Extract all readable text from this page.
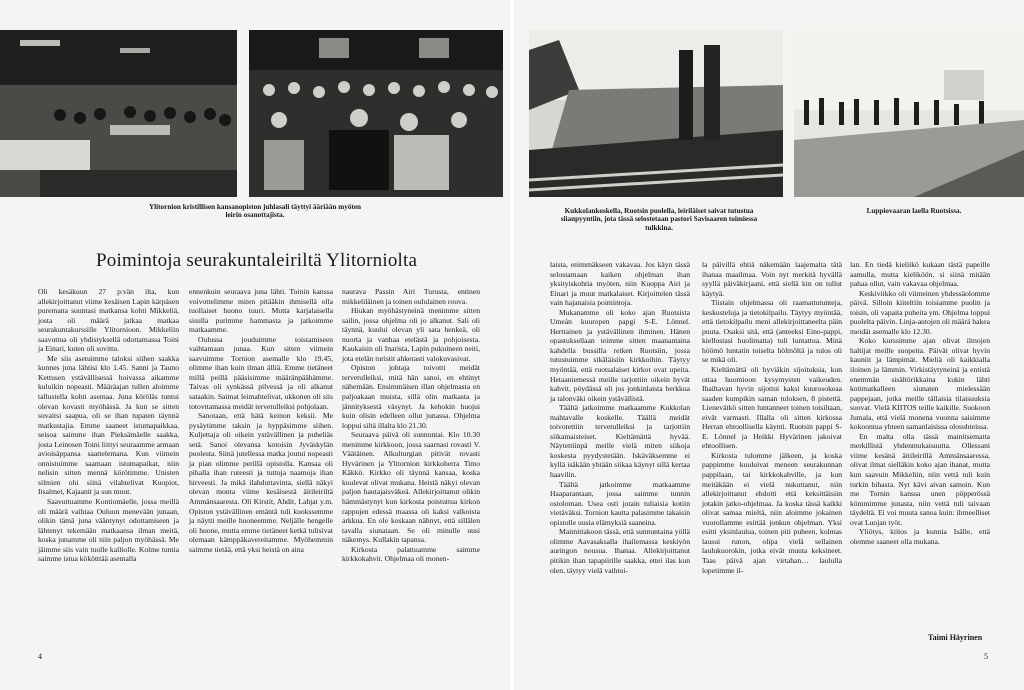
Ylitornion kristillisen kansanopiston juhlasali täyttyi ääriään myöten leirin osanottajista.
Poimintoja seurakuntaleiriltä Ylitorniolta

Oli kesäkuun 27 p:vän ilta, kun allekirjoittanut viime kesäisen Lapin kärpäsen puremana suuntasi matkansa kohti Mikkeliä, josta oli määrä jatkaa matkaa seurakuntakurssille Ylitornioon. Mikkeliin saavuttua oli yhdistyksellä odottamassa Toini ja Einari, kuten oli sovittu.

Me siis asetuimme taloksi siihen saakka kunnes juna lähtisi klo 1.45. Sanni ja Tauno Kettusen ystävällisessä hoivassa aikamme kuluikin nopeasti. Määräajan tullen aloimme tallustella kohti asemaa. Juna köröläs tuntui olevan kovasti myöhässä. Ja kun se sitten suvaitsi saapua, oli se ihan tupaten täynnä matkustajia. Emme saaneet istumapaikkaa, seisoa saimme ihan Pieksämäelle saakka, josta Leinosen Toini liittyi seuraamme armaan avioisäppansa saattelemana. Kun viimein onnistuimme saamaan istumapaikat, niin nelisin sitten mennä körötimme. Unisten silmien ohi siinä vilahtelivat Kuopiot, Iisalmet, Kajaanit ja sun muut.

Saavuttuamme Kontiomäelle, jossa meillä oli määrä vaihtaa Ouluun menevään junaan, olikin tämä juna vääntynyt odottamiseen ja lähtenyt tekemään matkaansa ilman meitä, koska junamme oli niin paljon myöhässä. Me jäimme siis vain tuolle kalliolle. Kolme tuntia saimme istua kökötttää asemalla

ennenkuin seuraava juna lähti. Toinin kanssa voivottelimme miten pitääkin ihmisellä olla tuollaiset huono tuuri. Mutta karjalaisella sisulla purimme hammasta ja jatkoimme matkaamme.

Oulussa jouduimme toistamiseen vaihtamaan junaa. Kun sitten viimein saavuimme Tornion asemalle klo 19.45, olimme ihan kuin ilman älliä. Emme tietäneet millä peillä pääsisimme määränpäähämme. Taivas oli synkässä pilvessä ja oli alkanut sataakin. Saimat leimahtelivat, ukkonen oli siis totovttamassa meidät tervetulleiksi pohjolaan.

Sanotaan, että hätä keinon keksii. Me pysäytimme taksin ja hyppäsimme siihen. Kuljettaja oli oikein ystävällinen ja puheliäs setä. Sanoi olevansa kotoisin Jyväskylän puolesta. Siinä jutellessa matka joutui nopeasti ja pian olimme perillä opistolla. Kansaa oli pihalla ihan ruteesti ja tuttuja naamoja ihan hirveesti. Ja mikä ilahduttavinta, siellä näkyi olevan monta viime kesäisestä äitileiriltä Ammänsaaresta. Oli Kirstit, Ahdit, Lahjat y.m. Opiston ystävällinen emäntä tuli kuokssemme ja näytti meille huoneemme. Neljälle hengelle oli huone, mutta emme tietäneet ketkä tulisivat olemaan kämppäkavereitamme. Myöhemmin saimme tietää, että yksi heistä on aina

naurava Passin Airi Turusta, entinen mikkeliläinen ja toinen oululainen rouva.

Hiukan myöhästyneinä menimme sitten sailin, jossa ohjelma oli jo alkanut. Sali oli täynnä, kuului olevan yli sata henkeä, oli nuorta ja vanhaa etelästä ja pohjoisesta. Kaukaisin oli Inarista, Lapin pukuineen neiti, jota etelän turistit ahkerasti valokuvasivat.

Opiston johtaja toivotti meidät tervetulleiksi, mitä hän sanoi, en ehtinyt nähemään. Ensimmäisen illan ohjelmasta en paljoakaan muista, sillä olin matkasta ja jännityksestä väsynyt. Ja kehokin huojui kuin olisin edelleen ollut junassa. Ohjelma loppui siltä illalta klo 21.30.

Seuraava päivä oli sunnuntai. Klo 10.30 menimme kirkkoon, jossa saarnasi rovasti V. Väätäinen. Alkulturgian pitivät rovasti Hyvärinen ja Ylitornion kirkkoherra Timo Käkkö. Kirkko oli täynnä kansaa, koska kuulevat olivat mukana. Heistä näkyi olevan paljon hautajaisväkeä. Allekirjoittanut olikin hämmästynyt kun kirkosta poistuttua kirkon rappujen edessä maassa oli kaksi valkoista arkkua. En ole koskaan nähnyt, että sillälen tavalla siunataan. Se oli minulle uusi näkemys. Kullakin tapansa.

Kirkosta palattuamme saimme kirkkokahvit. Ohjelmaa oli monen-

4
Kukkolankoskella, Ruotsin puolella, leiriläiset saivat tutustua siianpyyntiin, jota tässä selostetaan pastori Savisaaren toimiessa tulkkina.
Luppiovaaran laella Ruotsissa.

laista, enimmäkseen vakavaa. Jos käyn tässä selostamaan kaiken ohjelman ihan yksityiskohtia myöten, niin Kuoppa Airi ja Einari ja muut matkalaiset. Kirjoittelen tässä vain hajanaisia poimintoja.

Mukanamme oli koko ajan Ruotsista Umeån kuuropen papgi S-E. Lönnel. Herttainen ja ystävällinen ihminen. Hänen opastuksellaan teimme sitten maanantaina kahdella bussilla retken Ruotsiin, jossa tutustuimme sikäläisiin kirkkoihin. Täytyy myöntää, että ruotsalaiset kirkot ovat upeita. Hetaaniemessä meille tarjottiin oikein hyvät kahvit, pöydässä oli jos jonkinlaista herkkua ja talonväki oikein ystävällistä.

Täältä jatkoimme matkaamme Kukkolan mahtavalle koskelle. Täällä meidät toivotettiin tervetulleiksi ja tarjottiin siikamaisteiset. Kieltämättä hyvää. Näytettiinpä meille vielä miten siikoja koskesta pyydystetään. Iskäväksemme ei kyllä isäkään yhtään siikaa käynyt sillä kertaa haavilin.

Täältä jatkoimme matkaamme Haaparantaan, jossa saimme tunnin ostoloman. Useа osti jotain tuliaisia kotiin vietäväksi. Tornion kautta palasimme takaisin opistolle uusia elämyksiä saaneina.

Maimittakoon tässä, että sunnuntaina yöllä olimme Aavasaksalla ihailemassa keskiyön auringon nousua. Ihanaa. Allekirjoittanut pitikin ihan tapapiirille saakka, ettei ilas kun olen, täytyy vielä vaihtoi-

la päivillä ehtiä näkemään laajemalta tätä ihanaa maailmaa. Voin nyt merkitä hyvällä syyllä päiväkirjaani, että siellä kin on tullut käytyä.

Tiistain ohjelmassa oli raamattutunteja, keskusteluja ja tietokilpailu. Täytyy myöntää, että tietokilpailu meni allekirjoittaneelta päin puuta. Osaksi sitä, että (anteeksi Eino-pappi, kiellostasi huolimatta) tuli luntattua. Minä höömö luntatin toiselta hölmöltä ja tulos oli se mikä oli.

Kieltämättä oli hyviäkin sijoituksia, kun ottaa huomioon kysymysten vaikeuden. Ihailtavan hyvin sijottui kaksi kuurosokeaa saaden kumpikin saman tuloksen, 8 pistettä. Lienevätkö sitten luntanneet toinen toisiltaan, eivät varmasti. Illalla oli sitten kirkossa Herran ehtoollisella käynti. Ruotsin pappi S-E. Lönnel ja Heikki Hyvärinen jakoivat ehtoollisen.

Kirkosta tulomme jälkeen, ja koska pappimme kuuluivat meneen seurakunnan pappilaan, tai kirkkokahville, ja kun meitäkään ei vielä nukuttanut, niin allekirjoittanut ehdotti että keksittäisiin jotakin jatko-ohjelmaa. Ja koska tässä kaikki olivat samaa mieltä, niin aloimme jokainen vuorollamme esittää jonkun ohjelman. Yksi esitti yksinlaulua, toinen piti puheen, kolmas lausui runon, olipa vielä sellainen laulukuorokin, jotka eivät muuta keksineet. Taas päivä ajan virtahan… laululla lopetimme il-

lan. En tiedä kieliikö kukaan tästä papeille aamulla, mutta kieliköön, si siinä mitään pahaa ollut, vain vakavaa ohjelmaa.

Keskiviikko oli viimeinen yhdessäolomme päivä. Silloin kiiteltiin toisiamme puolin ja toisin, oli vapaita puheita ym. Ohjelma loppui puolelta päivin. Linja-autojen oli määrä hakea meidät asemalle klo 12.30.

Koko kurssimme ajan olivat ilmojen haltijat meille suopeita. Päivät olivat hyvin kauniit ja lämpimät. Mieliä oli kaikkialla iloinen ja lämmin. Virkistäytyneinä ja entistä enemmän sisältörikkaina kukin lähti kotimatkalleen siunaten mielessään pappejaan, jotka meille tällaisia tilaisuuksia suovat. Vielä KIITOS teille kaikille. Suokoon Jumala, että vielä monena vuonna saisimme kokoontua yhteen samanlaisissa olosuhteissa.

En malta olla tässä mainitsematta merkillistä yhdenmukaisuutta. Ollessani viime kesänä äitileirillä Ammänsaaressa, olivat ilmat sielläkin koko ajan ihanat, mutta kun saavuin Mikkeliin, niin vettä tuli kuin turkin hihasta. Nyt kävi aivan samoin. Kun me Tornin kanssa unen pöpperössä kömmimme junasta, niin vettä tuli taivaan täydeltä. Ei voi muuta sanoa kuin: ihmeelliset ovat Luojan työt.

Yliötys, kiitos ja kunnia Isälle, että olemme saaneet olla mukana.

Taimi Häyrinen
5
